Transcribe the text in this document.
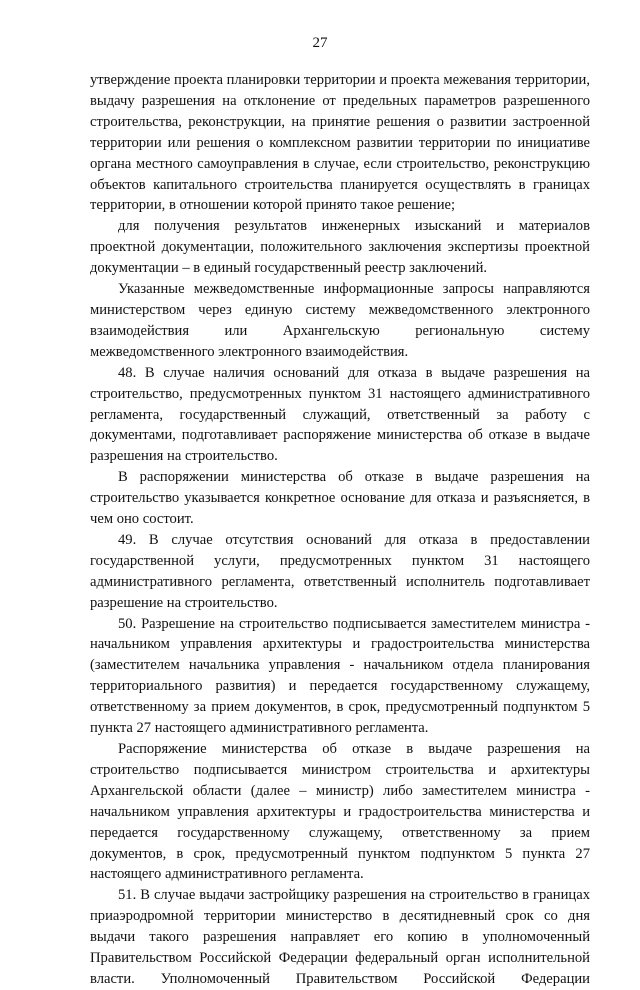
27

утверждение проекта планировки территории и проекта межевания территории, выдачу разрешения на отклонение от предельных параметров разрешенного строительства, реконструкции, на принятие решения о развитии застроенной территории или решения о комплексном развитии территории по инициативе органа местного самоуправления в случае, если строительство, реконструкцию объектов капитального строительства планируется осуществлять в границах территории, в отношении которой принято такое решение;

для получения результатов инженерных изысканий и материалов проектной документации, положительного заключения экспертизы проектной документации – в единый государственный реестр заключений.

Указанные межведомственные информационные запросы направляются министерством через единую систему межведомственного электронного взаимодействия или Архангельскую региональную систему межведомственного электронного взаимодействия.

48. В случае наличия оснований для отказа в выдаче разрешения на строительство, предусмотренных пунктом 31 настоящего административного регламента, государственный служащий, ответственный за работу с документами, подготавливает распоряжение министерства об отказе в выдаче разрешения на строительство.

В распоряжении министерства об отказе в выдаче разрешения на строительство указывается конкретное основание для отказа и разъясняется, в чем оно состоит.

49. В случае отсутствия оснований для отказа в предоставлении государственной услуги, предусмотренных пунктом 31 настоящего административного регламента, ответственный исполнитель подготавливает разрешение на строительство.

50. Разрешение на строительство подписывается заместителем министра - начальником управления архитектуры и градостроительства министерства (заместителем начальника управления - начальником отдела планирования территориального развития) и передается государственному служащему, ответственному за прием документов, в срок, предусмотренный подпунктом 5 пункта 27 настоящего административного регламента.

Распоряжение министерства об отказе в выдаче разрешения на строительство подписывается министром строительства и архитектуры Архангельской области (далее – министр) либо заместителем министра - начальником управления архитектуры и градостроительства министерства и передается государственному служащему, ответственному за прием документов, в срок, предусмотренный пунктом подпунктом 5 пункта 27 настоящего административного регламента.

51. В случае выдачи застройщику разрешения на строительство в границах приаэродромной территории министерство в десятидневный срок со дня выдачи такого разрешения направляет его копию в уполномоченный Правительством Российской Федерации федеральный орган исполнительной власти. Уполномоченный Правительством Российской Федерации
